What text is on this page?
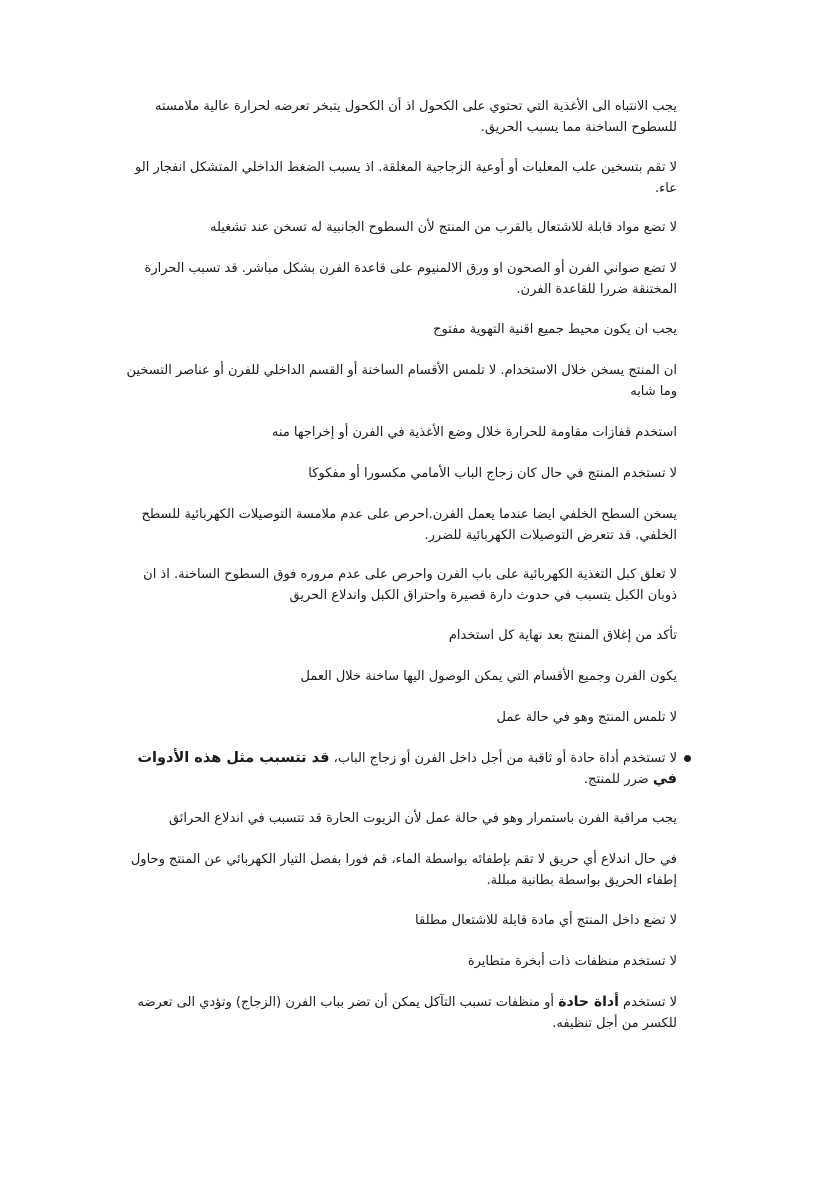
يجب الانتباه الى الأغذية التي تحتوي على الكحول اذ أن الكحول يتبخر تعرضه لحرارة عالية ملامسته للسطوح الساخنة مما يسبب الحريق.

لا تقم بتسخين علب المعلبات أو أوعية الزجاجية المغلقة. اذ يسبب الضغط الداخلي المتشكل انفجار الو عاء.

لا تضع مواد قابلة للاشتعال بالقرب من المنتج لأن السطوح الجانبية له تسخن عند تشغيله

لا تضع صواني الفرن أو الصحون او ورق الالمنيوم على قاعدة الفرن بشكل مباشر. قد تسبب الحرارة المختنقة ضررا للقاعدة الفرن.

يجب ان يكون محيط جميع اقنية التهوية مفتوح

ان المنتج يسخن خلال الاستخدام. لا تلمس الأقسام الساخنة أو القسم الداخلي للفرن أو عناصر التسخين وما شابه

استخدم قفازات مقاومة للحرارة خلال وضع الأغذية في الفرن أو إخراجها منه

لا تستخدم المنتج في حال كان زجاج الباب الأمامي مكسورا أو مفكوكا

يسخن السطح الخلفي ايضا عندما يعمل الفرن.احرص على عدم ملامسة التوصيلات الكهربائية للسطح الخلفي. قد تتعرض التوصيلات الكهربائية للضرر.

لا تعلق كبل التغذية الكهربائية على باب الفرن واحرص على عدم مروره فوق السطوح الساخنة. اذ ان ذوبان الكبل يتسبب في حدوث دارة قصيرة واحتراق الكبل واندلاع الحريق

تأكد من إغلاق المنتج بعد نهاية كل استخدام

يكون الفرن وجميع الأقسام التي يمكن الوصول اليها ساخنة خلال العمل

لا تلمس المنتج وهو في حالة عمل

لا تستخدم أداة حادة أو ثاقبة من أجل داخل الفرن أو زجاج الباب، قد تتسبب مثل هذه الأدوات في ضرر للمنتج.

يجب مراقبة الفرن باستمرار وهو في حالة عمل لأن الزيوت الحارة قد تتسبب في اندلاع الحرائق

في حال اندلاع أي حريق لا تقم بإطفائه بواسطة الماء، قم فورا بفصل التيار الكهربائي عن المنتج وحاول إطفاء الحريق بواسطة بطانية مبللة.

لا تضع داخل المنتج أي مادة قابلة للاشتعال مطلقا

لا تستخدم منظفات ذات أبخرة متطايرة

لا تستخدم أداة حادة أو منظفات تسبب التآكل يمكن أن تضر بباب الفرن (الزجاج) وتؤدي الى تعرضه للكسر من أجل تنظيفه.
